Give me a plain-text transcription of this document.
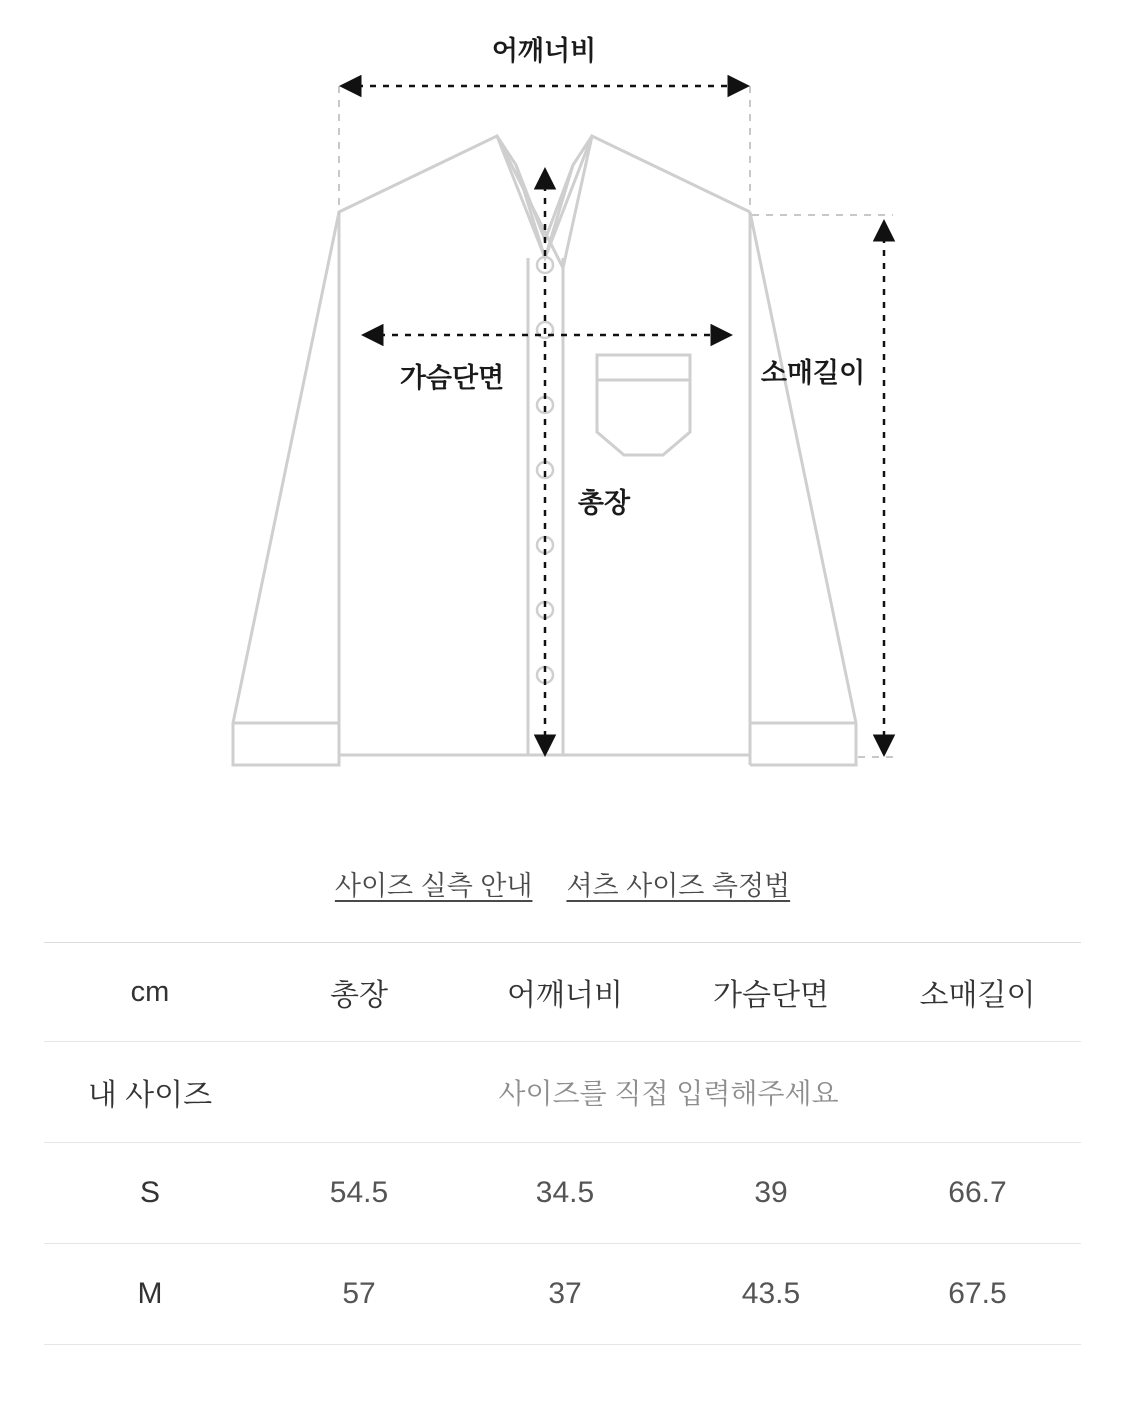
어깨너비
가슴단면
총장
소매길이
사이즈 실측 안내 셔츠 사이즈 측정법
cm	총장	어깨너비	가슴단면	소매길이
내 사이즈	사이즈를 직접 입력해주세요			
S	54.5	34.5	39	66.7
M	57	37	43.5	67.5
